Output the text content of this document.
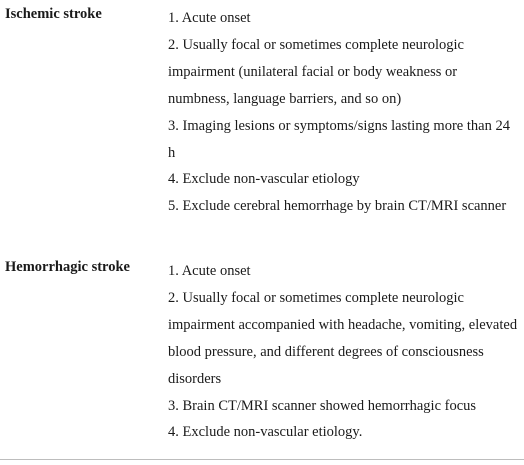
Ischemic stroke	1. Acute onset
2. Usually focal or sometimes complete neurologic impairment (unilateral facial or body weakness or numbness, language barriers, and so on)
3. Imaging lesions or symptoms/signs lasting more than 24 h
4. Exclude non-vascular etiology
5. Exclude cerebral hemorrhage by brain CT/MRI scanner
Hemorrhagic stroke	1. Acute onset
2. Usually focal or sometimes complete neurologic impairment accompanied with headache, vomiting, elevated blood pressure, and different degrees of consciousness disorders
3. Brain CT/MRI scanner showed hemorrhagic focus
4. Exclude non-vascular etiology.
